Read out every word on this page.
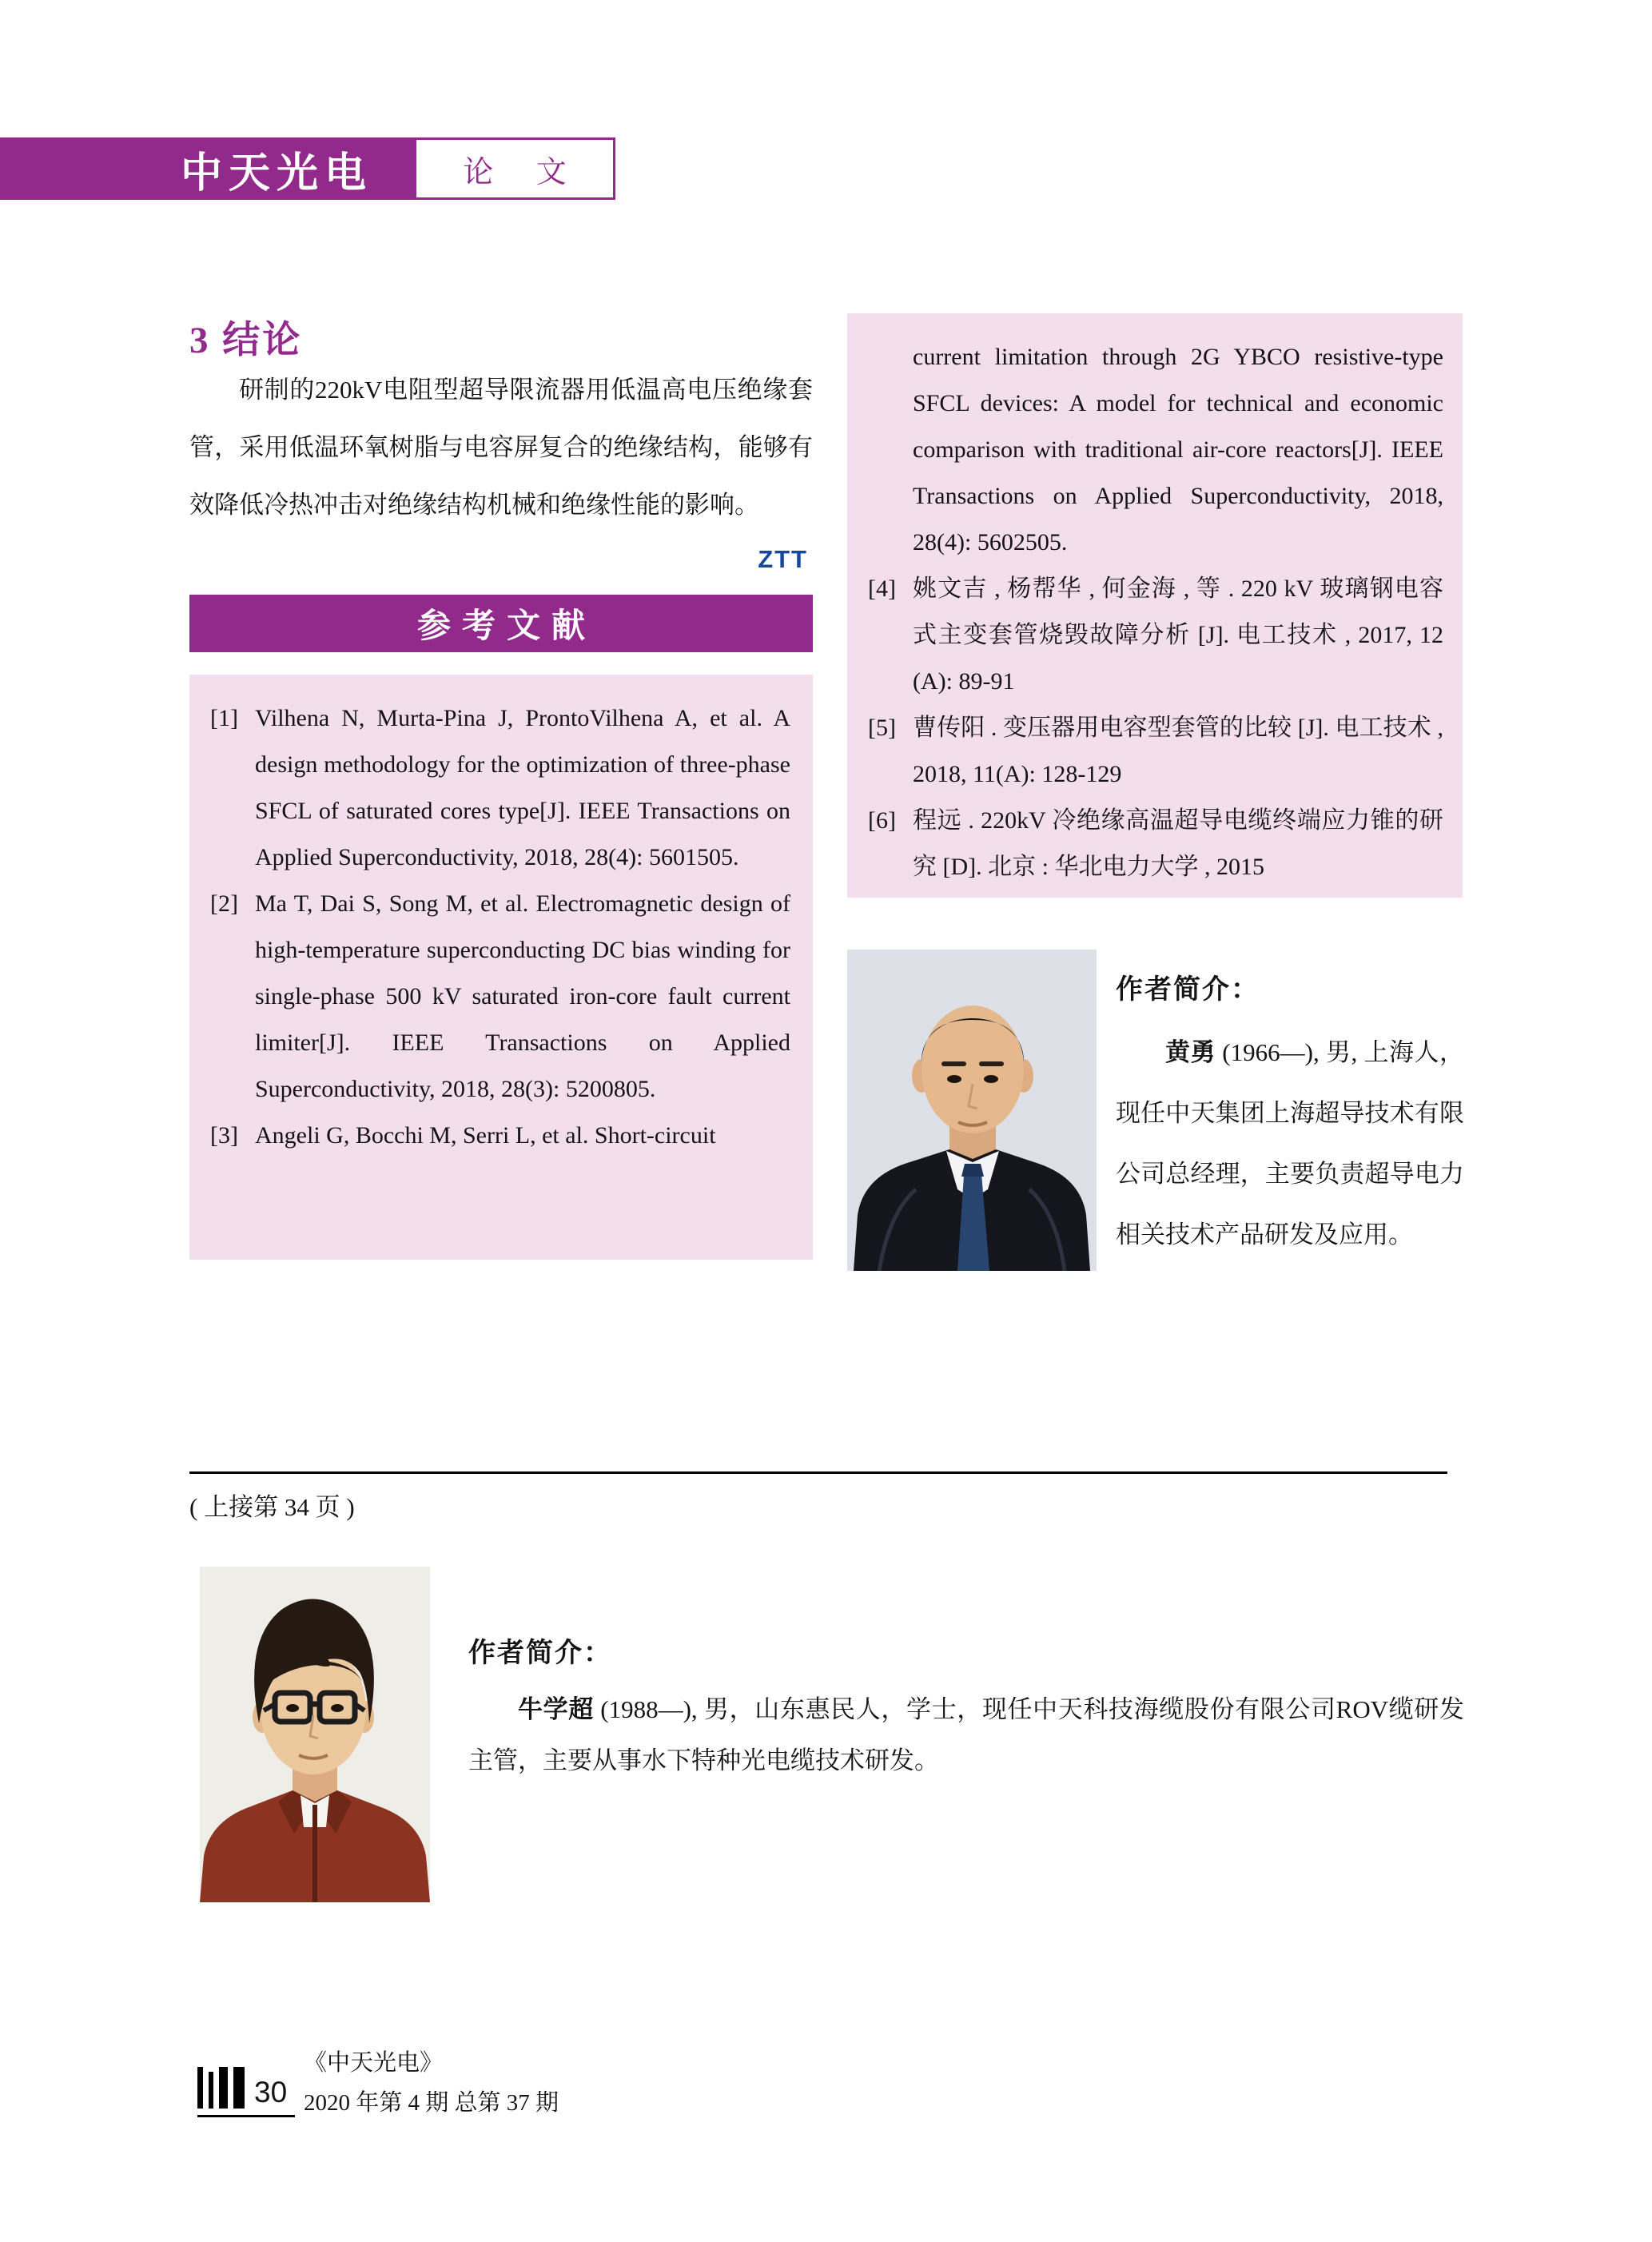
中天光电	论 文
3 结论

研制的220kV电阻型超导限流器用低温高电压绝缘套管，采用低温环氧树脂与电容屏复合的绝缘结构，能够有效降低冷热冲击对绝缘结构机械和绝缘性能的影响。

ZTT
参考文献
[1] Vilhena N, Murta-Pina J, ProntoVilhena A, et al. A design methodology for the optimization of three-phase SFCL of saturated cores type[J]. IEEE Transactions on Applied Superconductivity, 2018, 28(4): 5601505.
[2] Ma T, Dai S, Song M, et al. Electromagnetic design of high-temperature superconducting DC bias winding for single-phase 500 kV saturated iron-core fault current limiter[J]. IEEE Transactions on Applied Superconductivity, 2018, 28(3): 5200805.
[3] Angeli G, Bocchi M, Serri L, et al. Short-circuit
current limitation through 2G YBCO resistive-type SFCL devices: A model for technical and economic comparison with traditional air-core reactors[J]. IEEE Transactions on Applied Superconductivity, 2018, 28(4): 5602505.
[4] 姚文吉 , 杨帮华 , 何金海 , 等 . 220 kV 玻璃钢电容式主变套管烧毁故障分析 [J]. 电工技术 , 2017, 12 (A): 89-91
[5] 曹传阳 . 变压器用电容型套管的比较 [J]. 电工技术 , 2018, 11(A): 128-129
[6] 程远 . 220kV 冷绝缘高温超导电缆终端应力锥的研究 [D]. 北京 : 华北电力大学 , 2015
作者简介：

黄勇 (1966—), 男, 上海人，现任中天集团上海超导技术有限公司总经理，主要负责超导电力相关技术产品研发及应用。

( 上接第 34 页 )
作者简介：

牛学超 (1988—), 男，山东惠民人，学士，现任中天科技海缆股份有限公司ROV缆研发主管，主要从事水下特种光电缆技术研发。

30
《中天光电》
2020 年第 4 期 总第 37 期
